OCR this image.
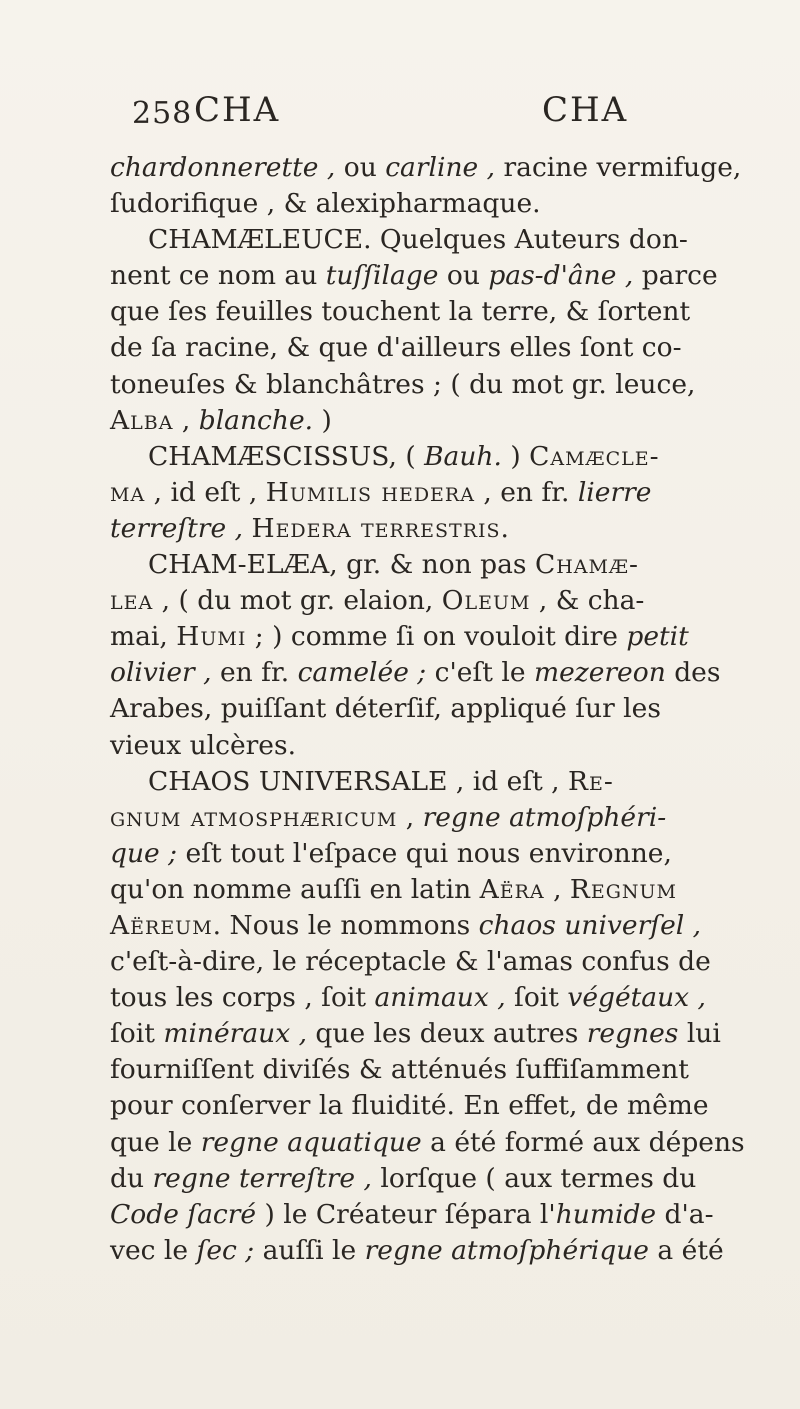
258 CHA	CHA
chardonnerette , ou carline , racine vermifuge,
ſudorifique , & alexipharmaque.
CHAMÆLEUCE. Quelques Auteurs don-
nent ce nom au tuſſilage ou pas-d'âne , parce
que ſes feuilles touchent la terre, & ſortent
de ſa racine, & que d'ailleurs elles ſont co-
toneuſes & blanchâtres ; ( du mot gr. leuce,
Alba , blanche. )
CHAMÆSCISSUS, ( Bauh. ) Camæcle-
ma , id eſt , Humilis hedera , en fr. lierre
terreſtre , Hedera terrestris.
CHAM-ELÆA, gr. & non pas Chamæ-
lea , ( du mot gr. elaion, Oleum , & cha-
mai, Humi ; ) comme ſi on vouloit dire petit
olivier , en fr. camelée ; c'eſt le mezereon des
Arabes, puiſſant déterſif, appliqué ſur les
vieux ulcères.
CHAOS UNIVERSALE , id eſt , Re-
gnum atmosphæricum , regne atmoſphéri-
que ; eſt tout l'eſpace qui nous environne,
qu'on nomme auſſi en latin Aëra , Regnum
Aëreum. Nous le nommons chaos univerſel ,
c'eſt-à-dire, le réceptacle & l'amas confus de
tous les corps , ſoit animaux , ſoit végétaux ,
ſoit minéraux , que les deux autres regnes lui
fourniſſent diviſés & atténués ſuffiſamment
pour conſerver la fluidité. En effet, de même
que le regne aquatique a été formé aux dépens
du regne terreſtre , lorſque ( aux termes du
Code ſacré ) le Créateur ſépara l'humide d'a-
vec le ſec ; auſſi le regne atmoſphérique a été
